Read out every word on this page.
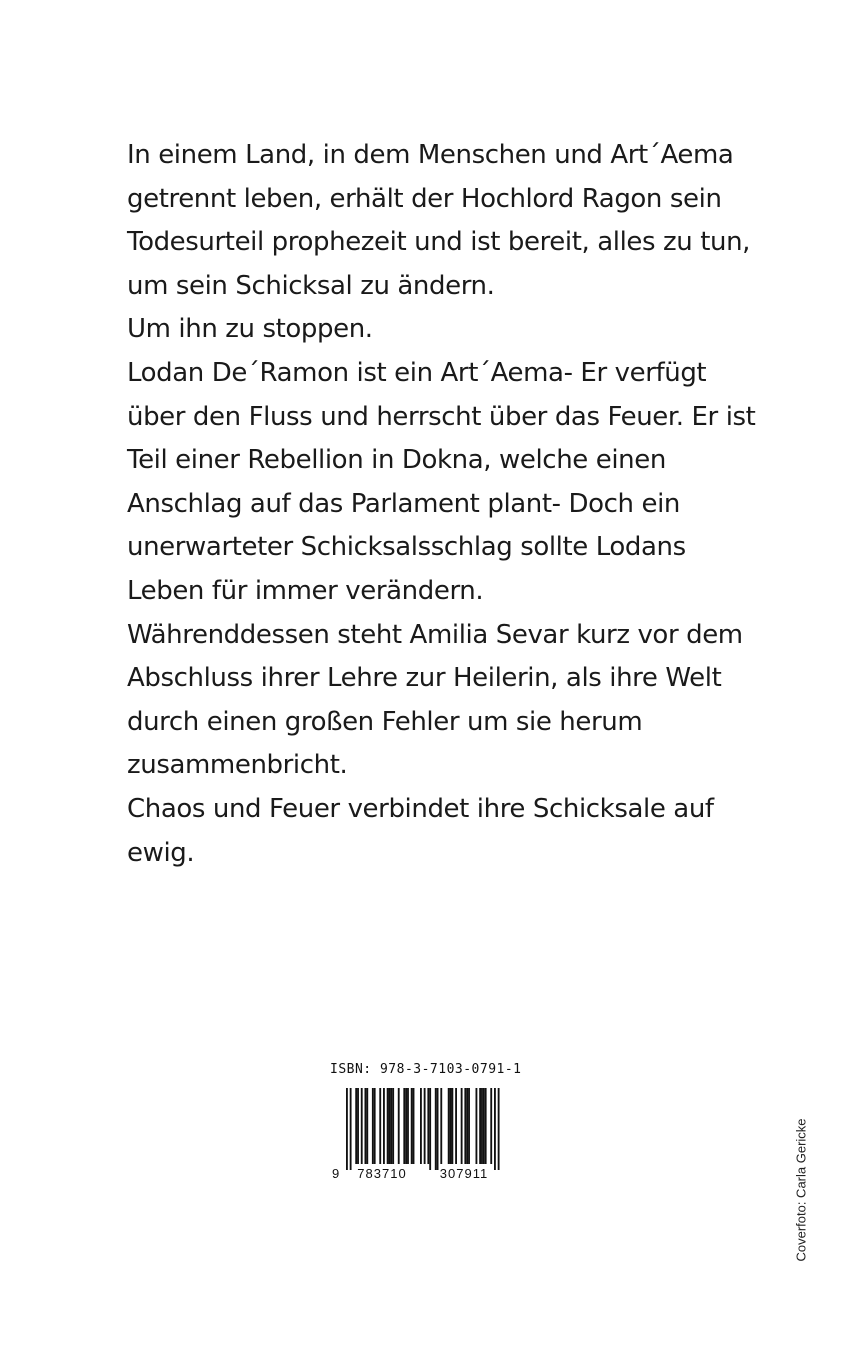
In einem Land, in dem Menschen und Art´Aema
getrennt leben, erhält der Hochlord Ragon sein
Todesurteil prophezeit und ist bereit, alles zu tun,
um sein Schicksal zu ändern.
Um ihn zu stoppen.
Lodan De´Ramon ist ein Art´Aema- Er verfügt
über den Fluss und herrscht über das Feuer. Er ist
Teil einer Rebellion in Dokna, welche einen
Anschlag auf das Parlament plant- Doch ein
unerwarteter Schicksalsschlag sollte Lodans
Leben für immer verändern.
Währenddessen steht Amilia Sevar kurz vor dem
Abschluss ihrer Lehre zur Heilerin, als ihre Welt
durch einen großen Fehler um sie herum
zusammenbricht.
Chaos und Feuer verbindet ihre Schicksale auf
ewig.
ISBN: 978-3-7103-0791-1
9 783710	307911	Coverfoto: Carla Gericke
